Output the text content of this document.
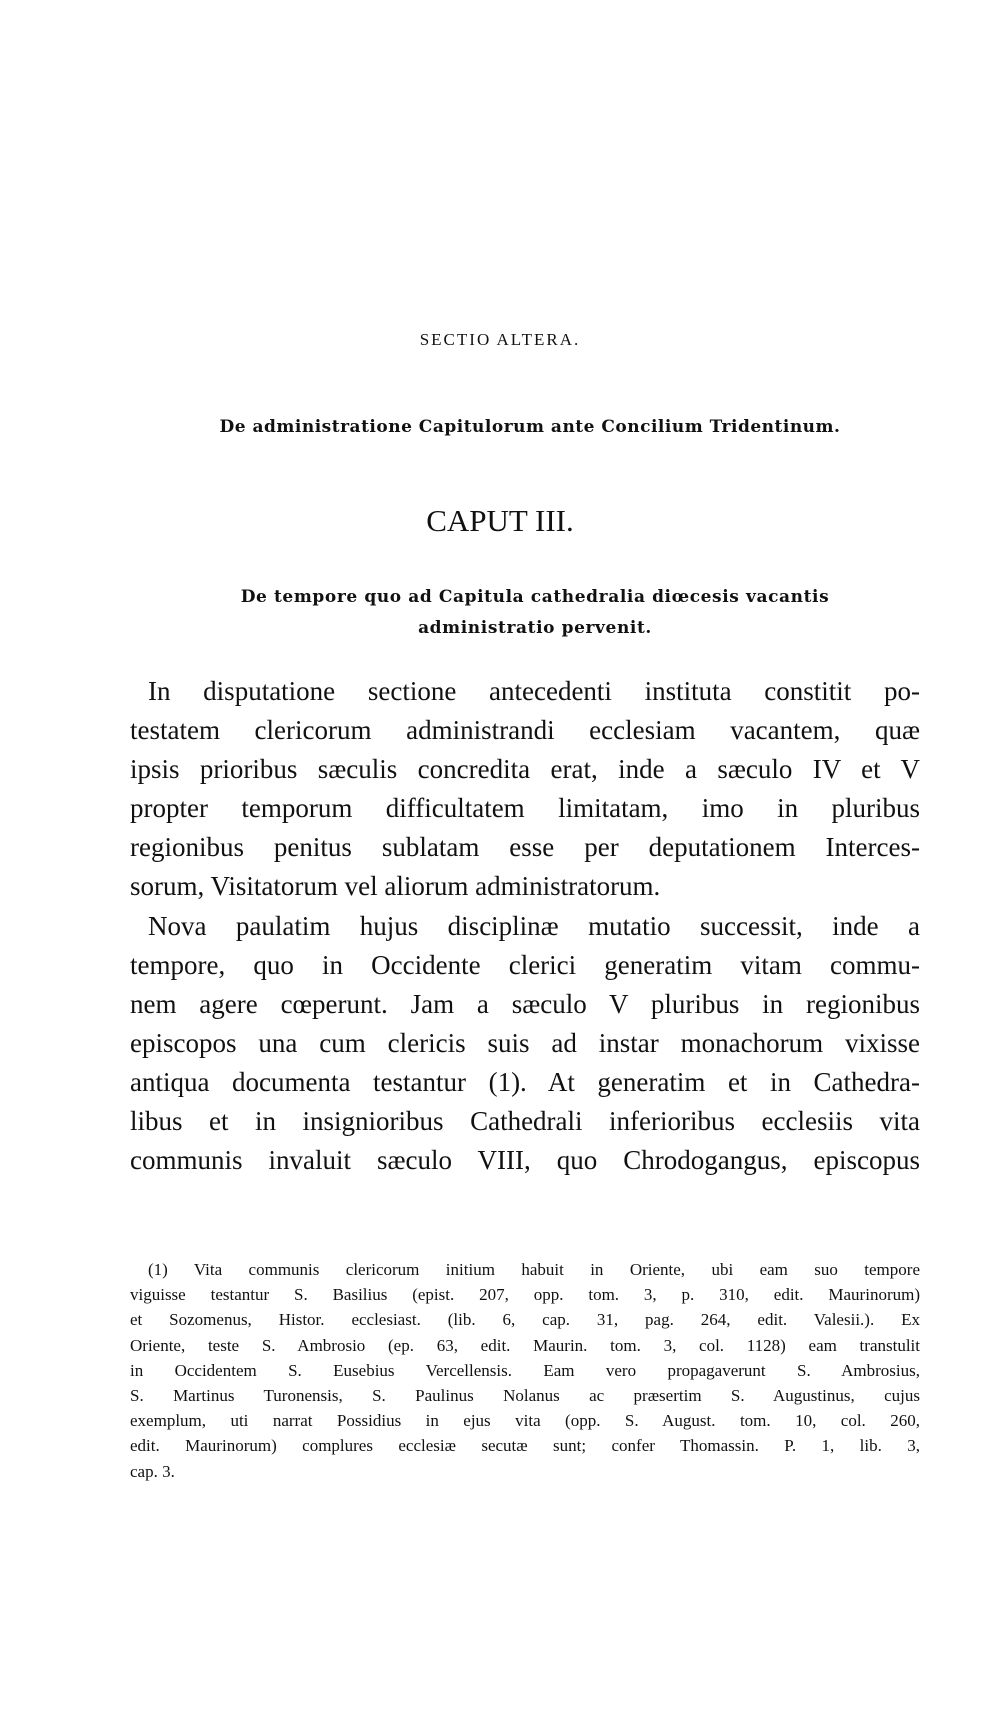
SECTIO ALTERA.
De administratione Capitulorum ante Concilium Tridentinum.
CAPUT III.
De tempore quo ad Capitula cathedralia diœcesis vacantis
administratio pervenit.
In disputatione sectione antecedenti instituta constitit po-
testatem clericorum administrandi ecclesiam vacantem, quæ
ipsis prioribus sæculis concredita erat, inde a sæculo IV et V
propter temporum difficultatem limitatam, imo in pluribus
regionibus penitus sublatam esse per deputationem Interces-
sorum, Visitatorum vel aliorum administratorum.
Nova paulatim hujus disciplinæ mutatio successit, inde a
tempore, quo in Occidente clerici generatim vitam commu-
nem agere cœperunt. Jam a sæculo V pluribus in regionibus
episcopos una cum clericis suis ad instar monachorum vixisse
antiqua documenta testantur (1). At generatim et in Cathedra-
libus et in insignioribus Cathedrali inferioribus ecclesiis vita
communis invaluit sæculo VIII, quo Chrodogangus, episcopus
(1) Vita communis clericorum initium habuit in Oriente, ubi eam suo tempore
viguisse testantur S. Basilius (epist. 207, opp. tom. 3, p. 310, edit. Maurinorum)
et Sozomenus, Histor. ecclesiast. (lib. 6, cap. 31, pag. 264, edit. Valesii.). Ex
Oriente, teste S. Ambrosio (ep. 63, edit. Maurin. tom. 3, col. 1128) eam transtulit
in Occidentem S. Eusebius Vercellensis. Eam vero propagaverunt S. Ambrosius,
S. Martinus Turonensis, S. Paulinus Nolanus ac præsertim S. Augustinus, cujus
exemplum, uti narrat Possidius in ejus vita (opp. S. August. tom. 10, col. 260,
edit. Maurinorum) complures ecclesiæ secutæ sunt; confer Thomassin. P. 1, lib. 3,
cap. 3.
